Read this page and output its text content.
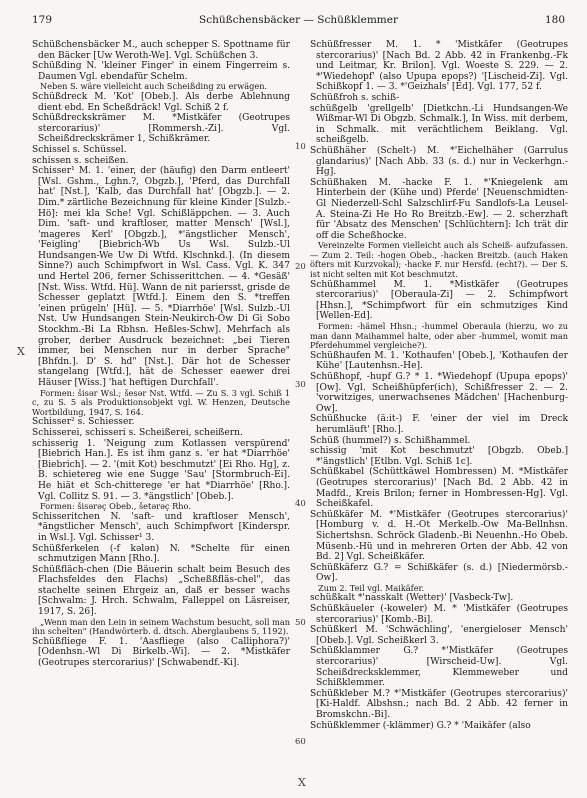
179	Schüßchensbäcker — Schüßklemmer	180

Schüßchensbäcker M., auch schepper S. Spottname für den Bäcker [Uw Weroth-We]. Vgl. Schüßchen 3.

Schüßding N. 'kleiner Finger' in einem Fingerreim s. Daumen Vgl. ebendafür Schelm.

Neben S. wäre vielleicht auch Scheißding zu erwägen.

Schüßdreck M. 'Kot' [Obeb.]. Als derbe Ablehnung dient ebd. En Scheßdräck! Vgl. Schiß 2 f.

Schüßdreckskrämer M. *Mistkäfer (Geotrupes stercorarius)' [Rommersh.-Zi]. Vgl. Scheißdreckskrämer 1, Schißkrämer.

Schissel s. Schüssel.

schissen s. scheißen.

Schisser¹ M. 1. 'einer, der (häufig) den Darm entleert' [Wsl. Gshm., Lghn.?, Obgzb.], 'Pferd, das Durchfall hat' [Nst.], 'Kalb, das Durchfall hat' [Obgzb.]. — 2. Dim.* zärtliche Bezeichnung für kleine Kinder [Sulzb.-Hö]: mei kla Sche! Vgl. Schißläppchen. — 3. Auch Dim. 'saft- und kraftloser, matter Mensch' [Wsl.], 'mageres Kerl' [Obgzb.], *'ängstlicher Mensch', 'Feigling' [Biebrich-Wb Us Wsl. Sulzb.-Ul Hundsangen-We Uw Di Wtfd. Klschnkd.]. (In diesem Sinne?) auch Schimpfwort in Wsl. Cass. Vgl. K. 347 und Hertel 206, ferner Schisserittchen. — 4. *Gesäß' [Nst. Wiss. Wtfd. Hü]. Wann de nit pariersst, grisde de Schesser geplatzt [Wtfd.]. Einem den S. *treffen 'einen prügeln' [Hü]. — 5. *Diarrhöe' [Wsl. Sulzb.-Ul Nst. Uw Hundsangen Stein-Neukirch-Ow Di Gi Sobo Stockhm.-Bi La Rbhsn. Heßles-Schw]. Mehrfach als grober, derber Ausdruck bezeichnet: „bei Tieren immer, bei Menschen nur in derber Sprache" [Bhfdn.]. D' S. hd" [Nst.]. Där hot de Schesser stangelang [Wtfd.], hät de Schesser eaewer drei Häuser [Wiss.] 'hat heftigen Durchfall'.

Formen: šisər Wsl.; šesər Nst. Wtfd. — Zu S. 3 vgl. Schiß 1 c, zu S. 5 als Produktionsobjekt vgl. W. Henzen, Deutsche Wortbildung, 1947, S. 164.

Schisser² s. Schiesser.

Schisserei, schisseri s. Scheißerei, scheißern.

schisserig 1. 'Neigung zum Kotlassen verspürend' [Biebrich Han.]. Es ist ihm ganz s. 'er hat *Diarrhöe' [Biebrich]. — 2. '(mit Kot) beschmutzt' [Ei Rho. Hg], z. B. schietereg wie ene Sugge 'Sau' [Stormbruch-Ei]. He hiät et Sch-chitterege 'er hat *Diarrhöe' [Rho.]. Vgl. Collitz S. 91. — 3. *ängstlich' [Obeb.].

Formen: šisərəç Obeb., šetərəç Rho.

Schisseritchen N. 'saft- und kraftloser Mensch', *ängstlicher Mensch', auch Schimpfwort [Kinderspr. in Wsl.]. Vgl. Schisser¹ 3.

Schüßferkelen (-f kələn) N. *Schelte für einen schmutzigen Mann [Rho.].

Schüßfläch-chen (Die Bäuerin schalt beim Besuch des Flachsfeldes den Flachs) „Scheßßfläs-chel", das stachelte seinen Ehrgeiz an, daß er besser wachs [Schwalm: J. Hrch. Schwalm, Falleppel on Läsreiser, 1917, S. 26].

„Wenn man den Lein in seinem Wachstum besucht, soll man ihn schelten" (Handwörterb. d. dtsch. Aberglaubens 5, 1192).

Schüßfliege F. 1. 'Aasfliege (also Calliphora?)' [Odenhsn.-Wl Di Birkelb.-Wi]. — 2. *Mistkäfer (Geotrupes stercorarius)' [Schwabendf.-Ki].

10
20
30
40
50
60
X
X

Schüßfresser M. 1. * 'Mistkäfer (Geotrupes stercorarius)' [Nach Bd. 2 Abb. 42 in Frankenbg.-Fk und Leitmar, Kr. Brilon]. Vgl. Woeste S. 229. — 2. *'Wiedehopf' (also Upupa epops?) '[Lischeid-Zi]. Vgl. Schißkopf 1. — 3. *'Geizhals' [Ed]. Vgl. 177, 52 f.

Schüßfroh s. schiß-

schüßgelb 'grellgelb' [Dietkchn.-Li Hundsangen-We Wißmar-Wl Di Obgzb. Schmalk.], In Wiss. mit derbem, in Schmalk. mit verächtlichem Beiklang. Vgl. scheißgelb.

Schüßhäher (Schelt-) M. *'Eichelhäher (Garrulus glandarius)' [Nach Abb. 33 (s. d.) nur in Veckerhgn.-Hg].

Schüßhaken M. -hacke F. 1. *'Kniegelenk am Hinterbein der (Kühe und) Pferde' [Neuenschmidten-Gl Niederzell-Schl Salzschlirf-Fu Sandlofs-La Leusel-A. Steina-Zi He Ho Ro Breitzb.-Ew]. — 2. scherzhaft für 'Absatz des Menschen' [Schlüchtern]: Ich trät dir off die Scheßhocke.

Vereinzelte Formen vielleicht auch als Scheiß- aufzufassen. — Zum 2. Teil: -hogen Obeb., -hacken Breitzb. (auch Haken öfters mit Kurzvokal); -hacke F. nur Hersfd. (echt?). — Der S. ist nicht selten mit Kot beschmutzt.

Schüßhammel M. 1. *Mistkäfer (Geotrupes stercorarius)' [Oberaula-Zi] — 2. Schimpfwort [Hhsn.], *Schimpfwort für ein schmutziges Kind [Wellen-Ed].

Formen: -hämel Hhsn.; -hummel Oberaula (hierzu, wo zu man dann Maihammel halte, oder aber -hummel, womit man Pferdehummel vergleiche?).

Schüßhaufen M. 1. 'Kothaufen' [Obeb.], 'Kothaufen der Kühe' [Lautenhsn.-He].

Schüßhopf, -hupf G.? * 1. *Wiedehopf (Upupa epops)' [Ow]. Vgl. Scheißhüpfer(ich), Schißfresser 2. — 2. 'vorwitziges, unerwachsenes Mädchen' [Hachenburg-Ow].

Schüßhucke (ä:it-) F. 'einer der viel im Dreck herumläuft' [Rho.].

Schüß (hummel?) s. Schißhammel.

schissig 'mit Kot beschmutzt' [Obgzb. Obeb.] *'ängstlich' [Etlbn. Vgl. Schiß 1c].

Schüßkabel (Schüttkäwel Hombressen) M. *Mistkäfer (Geotrupes stercorarius)' [Nach Bd. 2 Abb. 42 in Madfd., Kreis Brilon; ferner in Hombressen-Hg]. Vgl. Scheißkafel.

Schüßkäfer M. *'Mistkäfer (Geotrupes stercorarius)' [Homburg v. d. H.-Ot Merkelb.-Ow Ma-Bellnhsn. Sichertshsn. Schröck Gladenb.-Bi Neuenhn.-Ho Obeb. Müsenb.-Hü und in mehreren Orten der Abb. 42 von Bd. 2] Vgl. Scheißkäfer.

Schüßkäferz G.? = Schißkäfer (s. d.) [Niedermörsb.-Ow].

Zum 2. Teil vgl. Maikäfer.

schüßkalt *'nasskalt (Wetter)' [Vasbeck-Tw].

Schüßkäueler (-koweler) M. * 'Mistkäfer (Geotrupes stercorarius)' [Komb.-Bi].

Schüßkerl M. 'Schwächling', 'energieloser Mensch' [Obeb.]. Vgl. Scheißkerl 3.

Schüßklammer G.? *'Mistkäfer (Geotrupes stercorarius)' [Wirscheid-Uw]. Vgl. Scheißdrecksklemmer, Klemmeweber und Schißklemmer.

Schüßkleber M.? *'Mistkäfer (Geotrupes stercorarius)' [Ki-Haldf. Albshsn.; nach Bd. 2 Abb. 42 ferner in Bromskchn.-Bi].

Schüßklemmer (-klämmer) G.? * 'Maikäfer (also
